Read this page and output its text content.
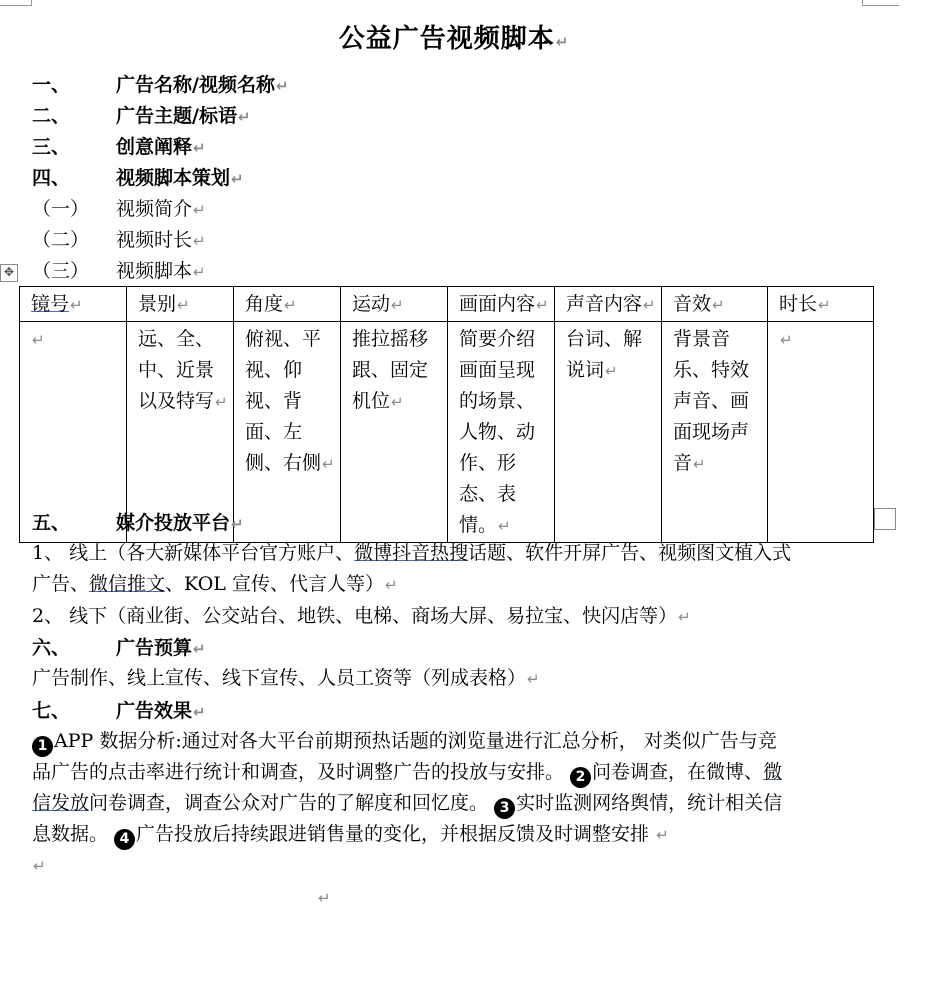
公益广告视频脚本↵
一、 广告名称/视频名称↵
二、 广告主题/标语↵
三、 创意阐释↵
四、 视频脚本策划↵
（一） 视频简介↵
（二） 视频时长↵
（三） 视频脚本↵
✥
镜号↵	景别↵	角度↵	运动↵	画面内容↵	声音内容↵	音效↵	时长↵
↵	远、全、中、近景以及特写↵	俯视、平视、仰视、背面、左侧、右侧↵	推拉摇移跟、固定机位↵	简要介绍画面呈现的场景、人物、动作、形态、表情。↵	台词、解说词↵	背景音乐、特效声音、画面现场声音↵	↵
五、 媒介投放平台↵
1、 线上（各大新媒体平台官方账户、微博抖音热搜话题、软件开屏广告、视频图文植入式
广告、微信推文、KOL 宣传、代言人等）↵
2、 线下（商业街、公交站台、地铁、电梯、商场大屏、易拉宝、快闪店等）↵
六、 广告预算↵
广告制作、线上宣传、线下宣传、人员工资等（列成表格）↵
七、 广告效果↵
1 APP 数据分析:通过对各大平台前期预热话题的浏览量进行汇总分析， 对类似广告与竞
品广告的点击率进行统计和调查，及时调整广告的投放与安排。 2 问卷调查，在微博、微
信发放问卷调查，调查公众对广告的了解度和回忆度。 3 实时监测网络舆情，统计相关信
息数据。 4 广告投放后持续跟进销售量的变化，并根据反馈及时调整安排 ↵
↵
↵
